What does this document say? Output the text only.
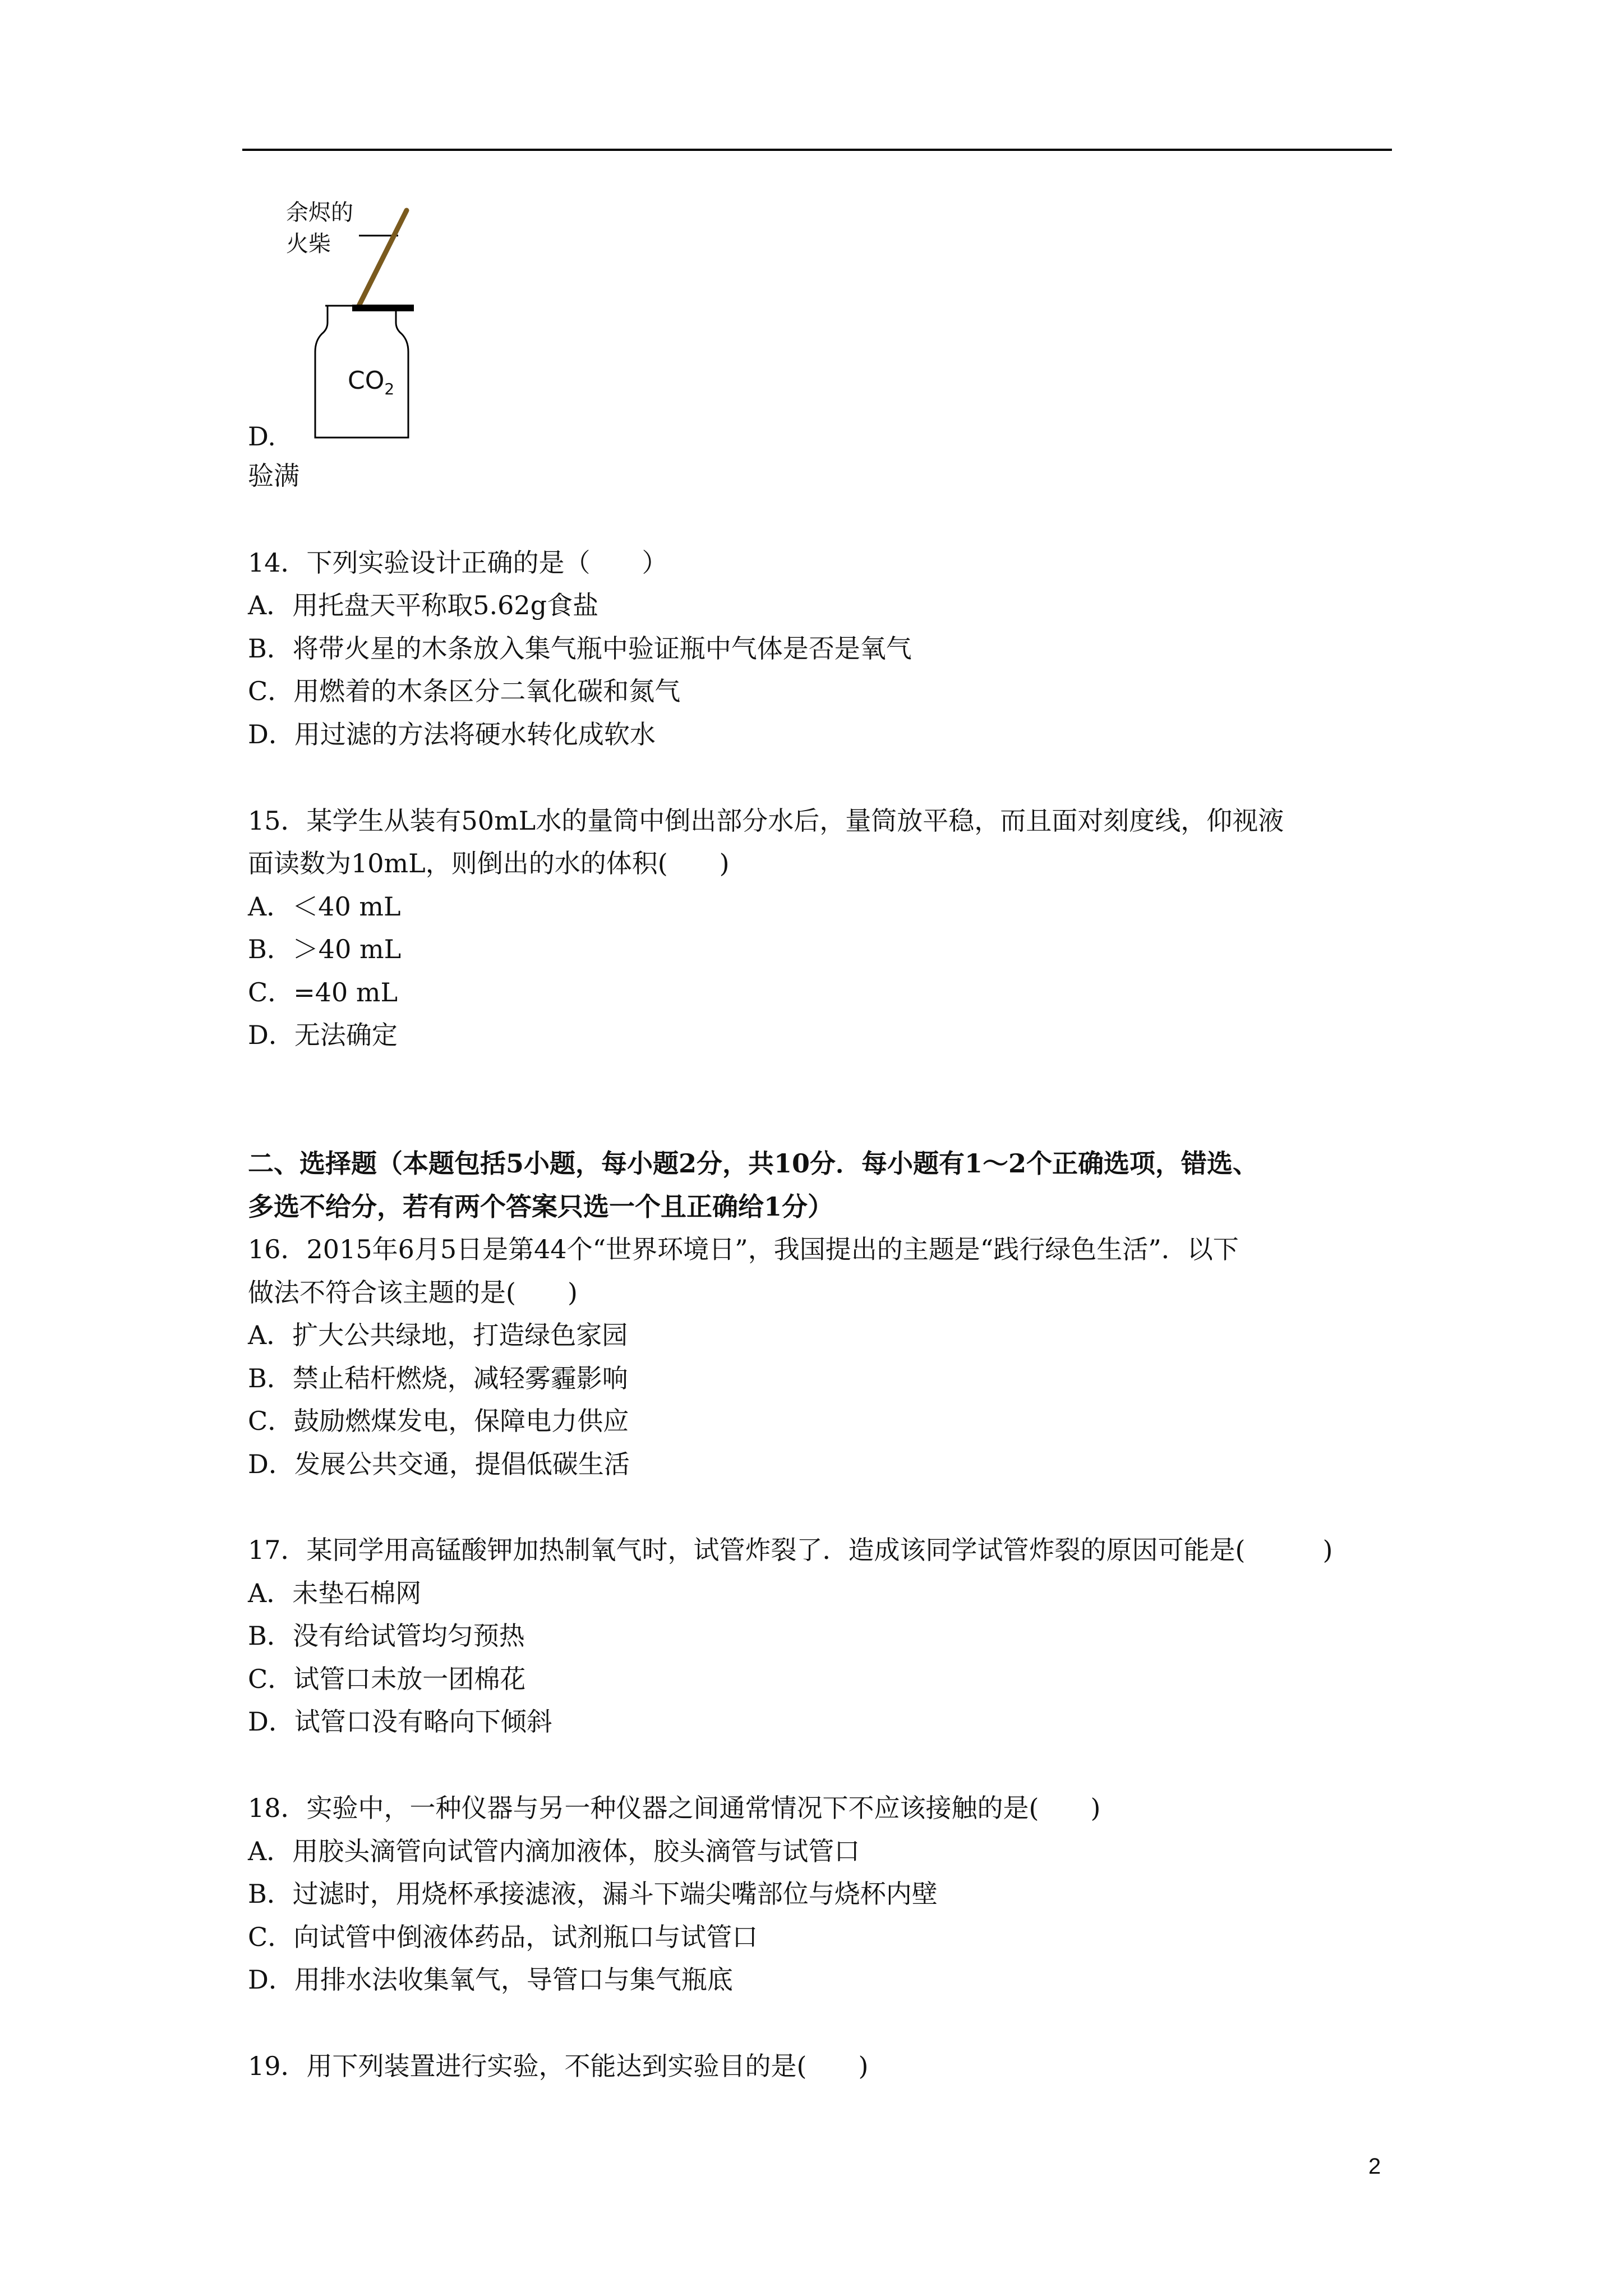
余烬的
火柴
$CO_2$
D.
验满
14．下列实验设计正确的是（　　）
A．用托盘天平称取5.62g食盐
B．将带火星的木条放入集气瓶中验证瓶中气体是否是氧气
C．用燃着的木条区分二氧化碳和氮气
D．用过滤的方法将硬水转化成软水
15．某学生从装有50mL水的量筒中倒出部分水后，量筒放平稳，而且面对刻度线，仰视液
面读数为10mL，则倒出的水的体积(　　)
A．＜40 mL
B．＞40 mL
C．=40 mL
D．无法确定
二、选择题（本题包括5小题，每小题2分，共10分．每小题有1～2个正确选项，错选、
多选不给分，若有两个答案只选一个且正确给1分）
16．2015年6月5日是第44个“世界环境日”，我国提出的主题是“践行绿色生活”．以下
做法不符合该主题的是(　　)
A．扩大公共绿地，打造绿色家园
B．禁止秸杆燃烧，减轻雾霾影响
C．鼓励燃煤发电，保障电力供应
D．发展公共交通，提倡低碳生活
17．某同学用高锰酸钾加热制氧气时，试管炸裂了．造成该同学试管炸裂的原因可能是(　　　)
A．未垫石棉网
B．没有给试管均匀预热
C．试管口未放一团棉花
D．试管口没有略向下倾斜
18．实验中，一种仪器与另一种仪器之间通常情况下不应该接触的是(　　)
A．用胶头滴管向试管内滴加液体，胶头滴管与试管口
B．过滤时，用烧杯承接滤液，漏斗下端尖嘴部位与烧杯内壁
C．向试管中倒液体药品，试剂瓶口与试管口
D．用排水法收集氧气，导管口与集气瓶底
19．用下列装置进行实验，不能达到实验目的是(　　)
2
